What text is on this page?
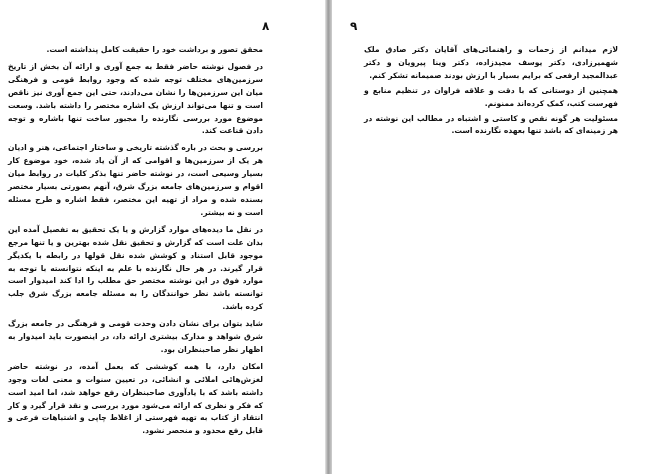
۸

محقق تصور و برداشت خود را حقیقت کامل پنداشته است.

در فصول نوشته حاضر فقط به جمع آوری و ارائه آن بخش از تاریخ سرزمین‌های مختلف توجه شده که وجود روابط قومی و فرهنگی میان این سرزمین‌ها را نشان می‌دادند، حتی این جمع آوری نیز ناقص است و تنها می‌تواند ارزش یک اشاره مختصر را داشته باشد. وسعت موضوع مورد بررسی نگارنده را مجبور ساخت تنها باشاره و توجه دادن قناعت کند.

بررسی و بحث در باره گذشته تاریخی و ساختار اجتماعی، هنر و ادیان هر یک از سرزمین‌ها و اقوامی که از آن یاد شده، خود موضوع کار بسیار وسیعی است، در نوشته حاضر تنها بذکر کلیات در روابط میان اقوام و سرزمین‌های جامعه بزرگ شرق، آنهم بصورتی بسیار مختصر بسنده شده و مراد از تهیه این مختصر، فقط اشاره و طرح مسئله است و نه بیشتر.

در نقل ما دیده‌های موارد گزارش و یا یک تحقیق به تفصیل آمده این بدان علت است که گزارش و تحقیق نقل شده بهترین و یا تنها مرجع موجود قابل استناد و کوشش شده نقل قولها در رابطه با یکدیگر قرار گیرند. در هر حال نگارنده با علم به اینکه نتوانسته با توجه به موارد فوق در این نوشته مختصر حق مطلب را ادا کند امیدوار است توانسته باشد نظر خوانندگان را به مسئله جامعه بزرگ شرق جلب کرده باشد.

شاید بتوان برای نشان دادن وحدت قومی و فرهنگی در جامعه بزرگ شرق شواهد و مدارک بیشتری ارائه داد، در اینصورت باید امیدوار به اظهار نظر صاحبنظران بود.

امکان دارد، با همه کوششی که بعمل آمده، در نوشته حاضر لغزش‌هائی املائی و انشائی، در تعیین سنوات و معنی لغات وجود داشته باشد که با یادآوری صاحبنظران رفع خواهد شد، اما امید است که فکر و نظری که ارائه می‌شود مورد بررسی و نقد قرار گیرد و کار انتقاد از کتاب به تهیه فهرستی از اغلاط چاپی و اشتباهات فرعی و قابل رفع محدود و منحصر نشود.

۹

لازم میدانم از زحمات و راهنمائی‌های آقایان دکتر صادق ملک شهمیرزادی، دکتر یوسف مجیدزاده، دکتر وینا پیرویان و دکتر عبدالمجید ارفعی که برایم بسیار با ارزش بودند صمیمانه تشکر کنم.

همچنین از دوستانی که با دقت و علاقه فراوان در تنظیم منابع و فهرست کتب، کمک کرده‌اند ممنونم.

مسئولیت هر گونه نقص و کاستی و اشتباه در مطالب این نوشته در هر زمینه‌ای که باشد تنها بعهده نگارنده است.
